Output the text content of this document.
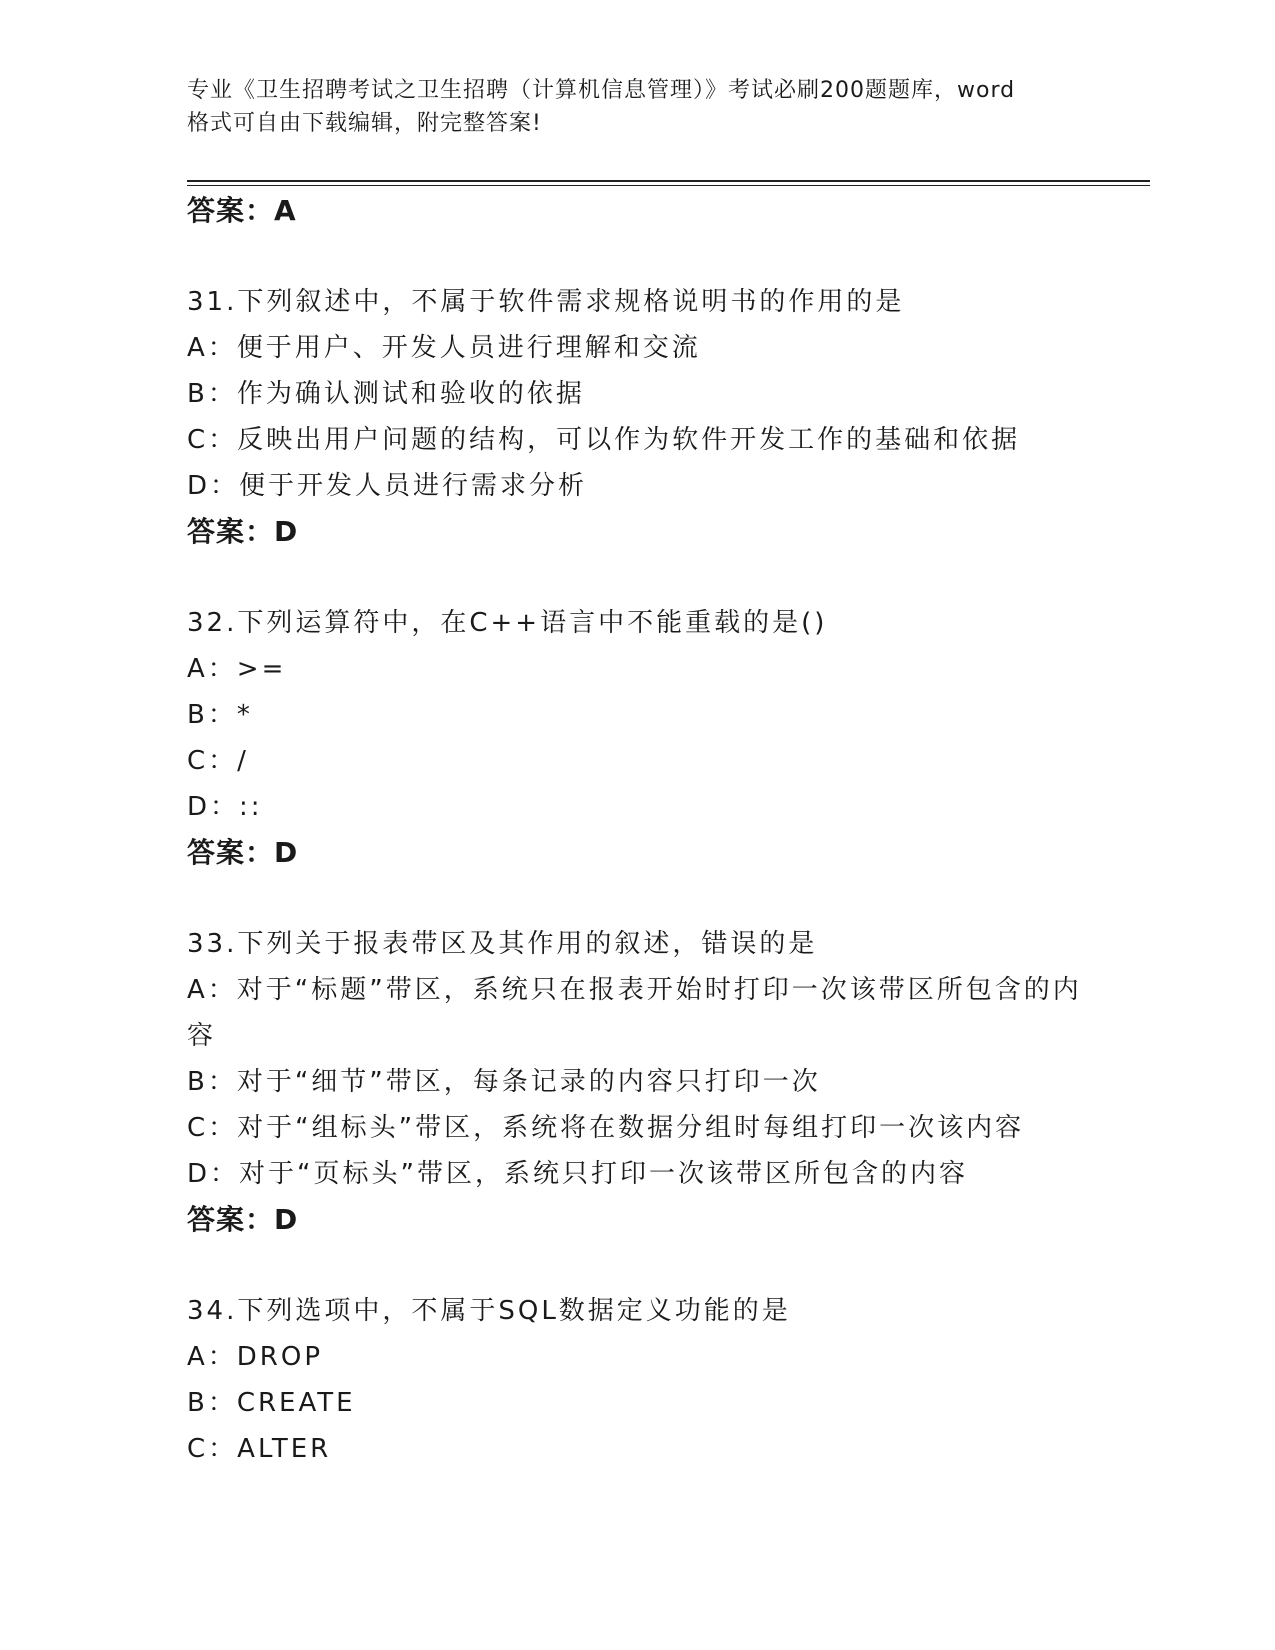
专业《卫生招聘考试之卫生招聘（计算机信息管理）》考试必刷200题题库，word
格式可自由下载编辑，附完整答案!
答案：A
31.下列叙述中，不属于软件需求规格说明书的作用的是
A：便于用户、开发人员进行理解和交流
B：作为确认测试和验收的依据
C：反映出用户问题的结构，可以作为软件开发工作的基础和依据
D：便于开发人员进行需求分析
答案：D
32.下列运算符中，在C++语言中不能重载的是()
A：>=
B：*
C：/
D：::
答案：D
33.下列关于报表带区及其作用的叙述，错误的是
A：对于“标题”带区，系统只在报表开始时打印一次该带区所包含的内容
B：对于“细节”带区，每条记录的内容只打印一次
C：对于“组标头”带区，系统将在数据分组时每组打印一次该内容
D：对于“页标头”带区，系统只打印一次该带区所包含的内容
答案：D
34.下列选项中，不属于SQL数据定义功能的是
A：DROP
B：CREATE
C：ALTER
